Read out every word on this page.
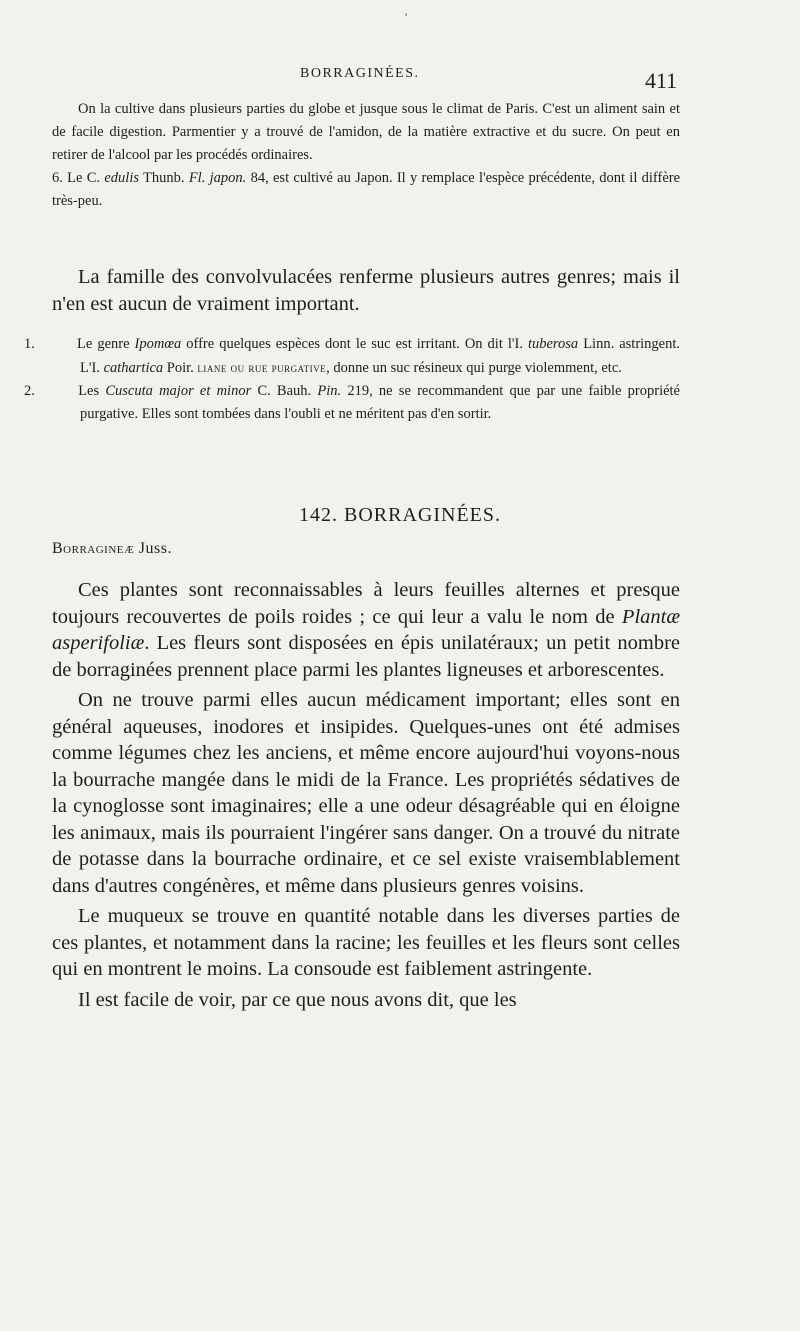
'
BORRAGINÉES.	411

On la cultive dans plusieurs parties du globe et jusque sous le climat de Paris. C'est un aliment sain et de facile digestion. Parmentier y a trouvé de l'amidon, de la matière extractive et du sucre. On peut en retirer de l'alcool par les procédés ordinaires.

6. Le C. edulis Thunb. Fl. japon. 84, est cultivé au Japon. Il y remplace l'espèce précédente, dont il diffère très-peu.

La famille des convolvulacées renferme plusieurs autres genres; mais il n'en est aucun de vraiment important.

1.	Le genre Ipomœa offre quelques espèces dont le suc est irritant. On dit l'I. tuberosa Linn. astringent. L'I. cathartica Poir. liane ou rue purgative, donne un suc résineux qui purge violemment, etc.

2.	Les Cuscuta major et minor C. Bauh. Pin. 219, ne se recommandent que par une faible propriété purgative. Elles sont tombées dans l'oubli et ne méritent pas d'en sortir.

142. BORRAGINÉES.
Borragineæ Juss.

Ces plantes sont reconnaissables à leurs feuilles alternes et presque toujours recouvertes de poils roides ; ce qui leur a valu le nom de Plantæ asperifoliæ. Les fleurs sont disposées en épis unilatéraux; un petit nombre de borraginées prennent place parmi les plantes ligneuses et arborescentes.

On ne trouve parmi elles aucun médicament important; elles sont en général aqueuses, inodores et insipides. Quelques-unes ont été admises comme légumes chez les anciens, et même encore aujourd'hui voyons-nous la bourrache mangée dans le midi de la France. Les propriétés sédatives de la cynoglosse sont imaginaires; elle a une odeur désagréable qui en éloigne les animaux, mais ils pourraient l'ingérer sans danger. On a trouvé du nitrate de potasse dans la bourrache ordinaire, et ce sel existe vraisemblablement dans d'autres congénères, et même dans plusieurs genres voisins.

Le muqueux se trouve en quantité notable dans les diverses parties de ces plantes, et notamment dans la racine; les feuilles et les fleurs sont celles qui en montrent le moins. La consoude est faiblement astringente.

Il est facile de voir, par ce que nous avons dit, que les
